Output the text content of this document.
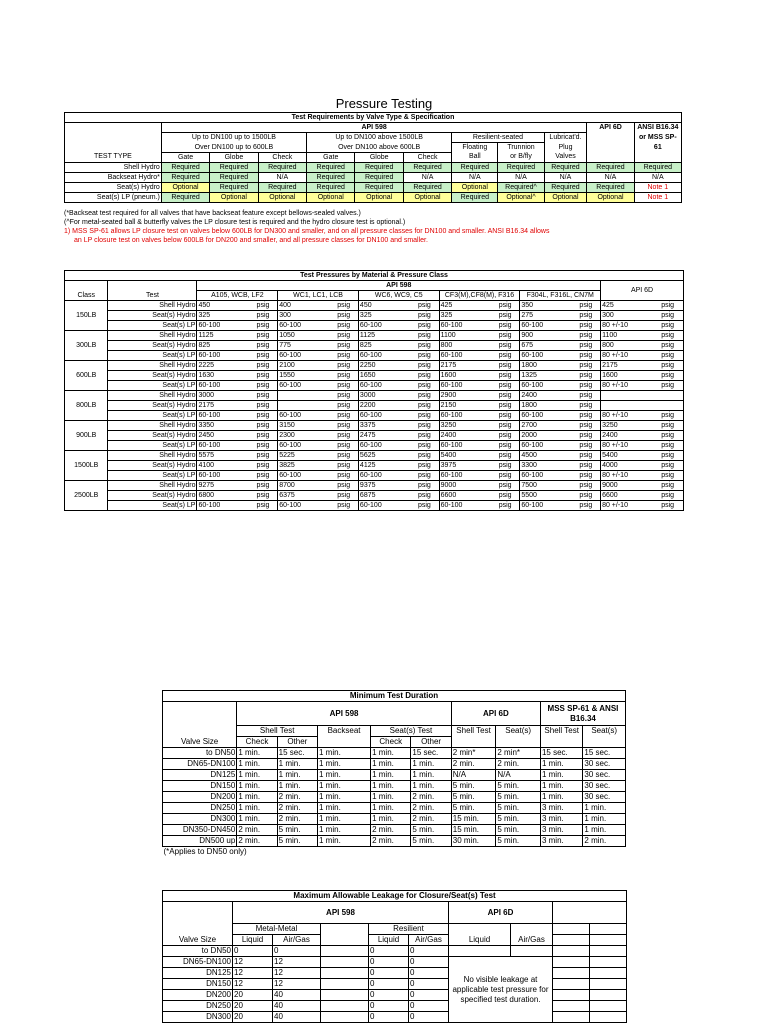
Pressure Testing
Test Requirements by Valve Type & Specification											
	API 598									API 6D	ANSI B16.34 or MSS SP-61
	Up to DN100 up to 1500LB			Up to DN100 above 1500LB			Resilient-seated		Lubricat'd.		
	Over DN100 up to 600LB			Over DN100 above 600LB			Floating	Trunnion	Plug		
TEST TYPE	Gate	Globe	Check	Gate	Globe	Check	Ball	or B/fly	Valves		
Shell Hydro	Required	Required	Required	Required	Required	Required	Required	Required	Required	Required	Required
Backseat Hydro*	Required	Required	N/A	Required	Required	N/A	N/A	N/A	N/A	N/A	N/A
Seat(s) Hydro	Optional	Required	Required	Required	Required	Required	Optional	Required^	Required	Required	Note 1
Seat(s) LP (pneum.)	Required	Optional	Optional	Optional	Optional	Optional	Required	Optional^	Optional	Optional	Note 1
(*Backseat test required for all valves that have backseat feature except bellows-sealed valves.)
(^For metal-seated ball & butterfly valves the LP closure test is required and the hydro closure test is optional.)
1) MSS SP-61 allows LP closure test on valves below 600LB for DN300 and smaller, and on all pressure classes for DN100 and smaller. ANSI B16.34 allows
an LP closure test on valves below 600LB for DN200 and smaller, and all pressure classes for DN100 and smaller.
Test Pressures by Material & Pressure Class													
		API 598										API 6D	
Class	Test	A105, WCB, LF2		WC1, LC1, LCB		WC6, WC9, C5		CF3(M),CF8(M), F316		F304L, F316L, CN7M			
150LB	Shell Hydro	450	psig	400	psig	450	psig	425	psig	350	psig	425	psig
	Seat(s) Hydro	325	psig	300	psig	325	psig	325	psig	275	psig	300	psig
	Seat(s) LP	60-100	psig	60-100	psig	60-100	psig	60-100	psig	60-100	psig	80 +/-10	psig
300LB	Shell Hydro	1125	psig	1050	psig	1125	psig	1100	psig	900	psig	1100	psig
	Seat(s) Hydro	825	psig	775	psig	825	psig	800	psig	675	psig	800	psig
	Seat(s) LP	60-100	psig	60-100	psig	60-100	psig	60-100	psig	60-100	psig	80 +/-10	psig
600LB	Shell Hydro	2225	psig	2100	psig	2250	psig	2175	psig	1800	psig	2175	psig
	Seat(s) Hydro	1630	psig	1550	psig	1650	psig	1600	psig	1325	psig	1600	psig
	Seat(s) LP	60-100	psig	60-100	psig	60-100	psig	60-100	psig	60-100	psig	80 +/-10	psig
800LB	Shell Hydro	3000	psig		psig	3000	psig	2900	psig	2400	psig		
	Seat(s) Hydro	2175	psig		psig	2200	psig	2150	psig	1800	psig		
	Seat(s) LP	60-100	psig	60-100	psig	60-100	psig	60-100	psig	60-100	psig	80 +/-10	psig
900LB	Shell Hydro	3350	psig	3150	psig	3375	psig	3250	psig	2700	psig	3250	psig
	Seat(s) Hydro	2450	psig	2300	psig	2475	psig	2400	psig	2000	psig	2400	psig
	Seat(s) LP	60-100	psig	60-100	psig	60-100	psig	60-100	psig	60-100	psig	80 +/-10	psig
1500LB	Shell Hydro	5575	psig	5225	psig	5625	psig	5400	psig	4500	psig	5400	psig
	Seat(s) Hydro	4100	psig	3825	psig	4125	psig	3975	psig	3300	psig	4000	psig
	Seat(s) LP	60-100	psig	60-100	psig	60-100	psig	60-100	psig	60-100	psig	80 +/-10	psig
2500LB	Shell Hydro	9275	psig	8700	psig	9375	psig	9000	psig	7500	psig	9000	psig
	Seat(s) Hydro	6800	psig	6375	psig	6875	psig	6600	psig	5500	psig	6600	psig
	Seat(s) LP	60-100	psig	60-100	psig	60-100	psig	60-100	psig	60-100	psig	80 +/-10	psig
Minimum Test Duration									
	API 598					API 6D		MSS SP-61 & ANSI B16.34	
	Shell Test		Backseat	Seat(s) Test		Shell Test	Seat(s)	Shell Test	Seat(s)
Valve Size	Check	Other		Check	Other				
to DN50	1 min.	15 sec.	1 min.	1 min.	15 sec.	2 min*	2 min*	15 sec.	15 sec.
DN65-DN100	1 min.	1 min.	1 min.	1 min.	1 min.	2 min.	2 min.	1 min.	30 sec.
DN125	1 min.	1 min.	1 min.	1 min.	1 min.	N/A	N/A	1 min.	30 sec.
DN150	1 min.	1 min.	1 min.	1 min.	1 min.	5 min.	5 min.	1 min.	30 sec.
DN200	1 min.	2 min.	1 min.	1 min.	2 min.	5 min.	5 min.	1 min.	30 sec.
DN250	1 min.	2 min.	1 min.	1 min.	2 min.	5 min.	5 min.	3 min.	1 min.
DN300	1 min.	2 min.	1 min.	1 min.	2 min.	15 min.	5 min.	3 min.	1 min.
DN350-DN450	2 min.	5 min.	1 min.	2 min.	5 min.	15 min.	5 min.	3 min.	1 min.
DN500 up	2 min.	5 min.	1 min.	2 min.	5 min.	30 min.	5 min.	3 min.	2 min.
(*Applies to DN50 only)									
Maximum Allowable Leakage for Closure/Seat(s) Test									
	API 598					API 6D			
	Metal-Metal			Resilient					
Valve Size	Liquid	Air/Gas		Liquid	Air/Gas	Liquid	Air/Gas		
to DN50	0	0		0	0				
DN65-DN100	12	12		0	0	No visible leakage at applicable test pressure for specified test duration.			
DN125	12	12		0	0				
DN150	12	12		0	0				
DN200	20	40		0	0				
DN250	20	40		0	0				
DN300	20	40		0	0				
